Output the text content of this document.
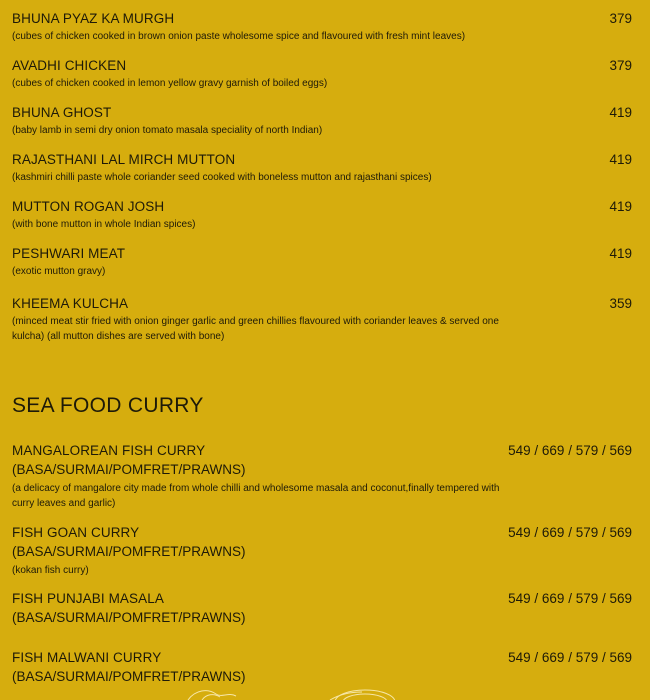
BHUNA PYAZ KA MURGH	379
(cubes of chicken cooked in brown onion paste wholesome spice and flavoured with fresh mint leaves)
AVADHI CHICKEN	379
(cubes of chicken cooked in lemon yellow gravy garnish of boiled eggs)
BHUNA GHOST	419
(baby lamb in semi dry onion tomato masala speciality of north Indian)
RAJASTHANI LAL MIRCH MUTTON	419
(kashmiri chilli paste whole coriander seed cooked with boneless mutton and rajasthani spices)
MUTTON ROGAN JOSH	419
(with bone mutton in whole Indian spices)
PESHWARI MEAT	419
(exotic mutton gravy)
KHEEMA KULCHA	359
(minced meat stir fried with onion ginger garlic and green chillies flavoured with coriander leaves & served one kulcha) (all mutton dishes are served with bone)
SEA FOOD CURRY
MANGALOREAN FISH CURRY	549 / 669 / 579 / 569
(BASA/SURMAI/POMFRET/PRAWNS)
(a delicacy of mangalore city made from whole chilli and wholesome masala and coconut,finally tempered with curry leaves and garlic)
FISH GOAN CURRY	549 / 669 / 579 / 569
(BASA/SURMAI/POMFRET/PRAWNS)
(kokan fish curry)
FISH PUNJABI MASALA	549 / 669 / 579 / 569
(BASA/SURMAI/POMFRET/PRAWNS)
FISH MALWANI CURRY	549 / 669 / 579 / 569
(BASA/SURMAI/POMFRET/PRAWNS)
